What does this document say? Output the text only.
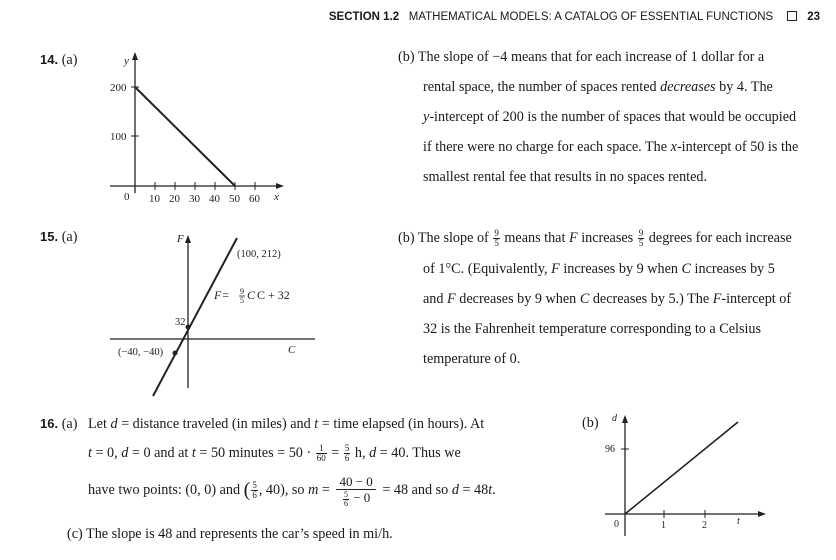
SECTION 1.2 MATHEMATICAL MODELS: A CATALOG OF ESSENTIAL FUNCTIONS	23
14. (a)	y
x
0
100
200
10 20 30 40 50 60
(b) The slope of −4 means that for each increase of 1 dollar for a
rental space, the number of spaces rented decreases by 4. The
y-intercept of 200 is the number of spaces that would be occupied
if there were no charge for each space. The x-intercept of 50 is the
smallest rental fee that results in no spaces rented.
15. (a)	F
C
(100, 212)
(−40, −40)
32
F= 9
5 C C + 32
(b) The slope of $\frac{9}{5}$ means that F increases $\frac{9}{5}$ degrees for each increase
of 1°C. (Equivalently, F increases by 9 when C increases by 5
and F decreases by 9 when C decreases by 5.) The F-intercept of
32 is the Fahrenheit temperature corresponding to a Celsius
temperature of 0.
16. (a) Let d = distance traveled (in miles) and t = time elapsed (in hours). At
t = 0, d = 0 and at t = 50 minutes = $50 \cdot \frac{1}{60} = \frac{5}{6} h$, d = 40. Thus we
have two points: (0, 0) and ( $\frac{5}{6}$ , 40), so $m = \frac{40 - 0}{\frac{5}{6} - 0} = 48$ and so d = 48t.
(c) The slope is 48 and represents the car’s speed in mi/h.
(b) d
t
0
96
1	2
